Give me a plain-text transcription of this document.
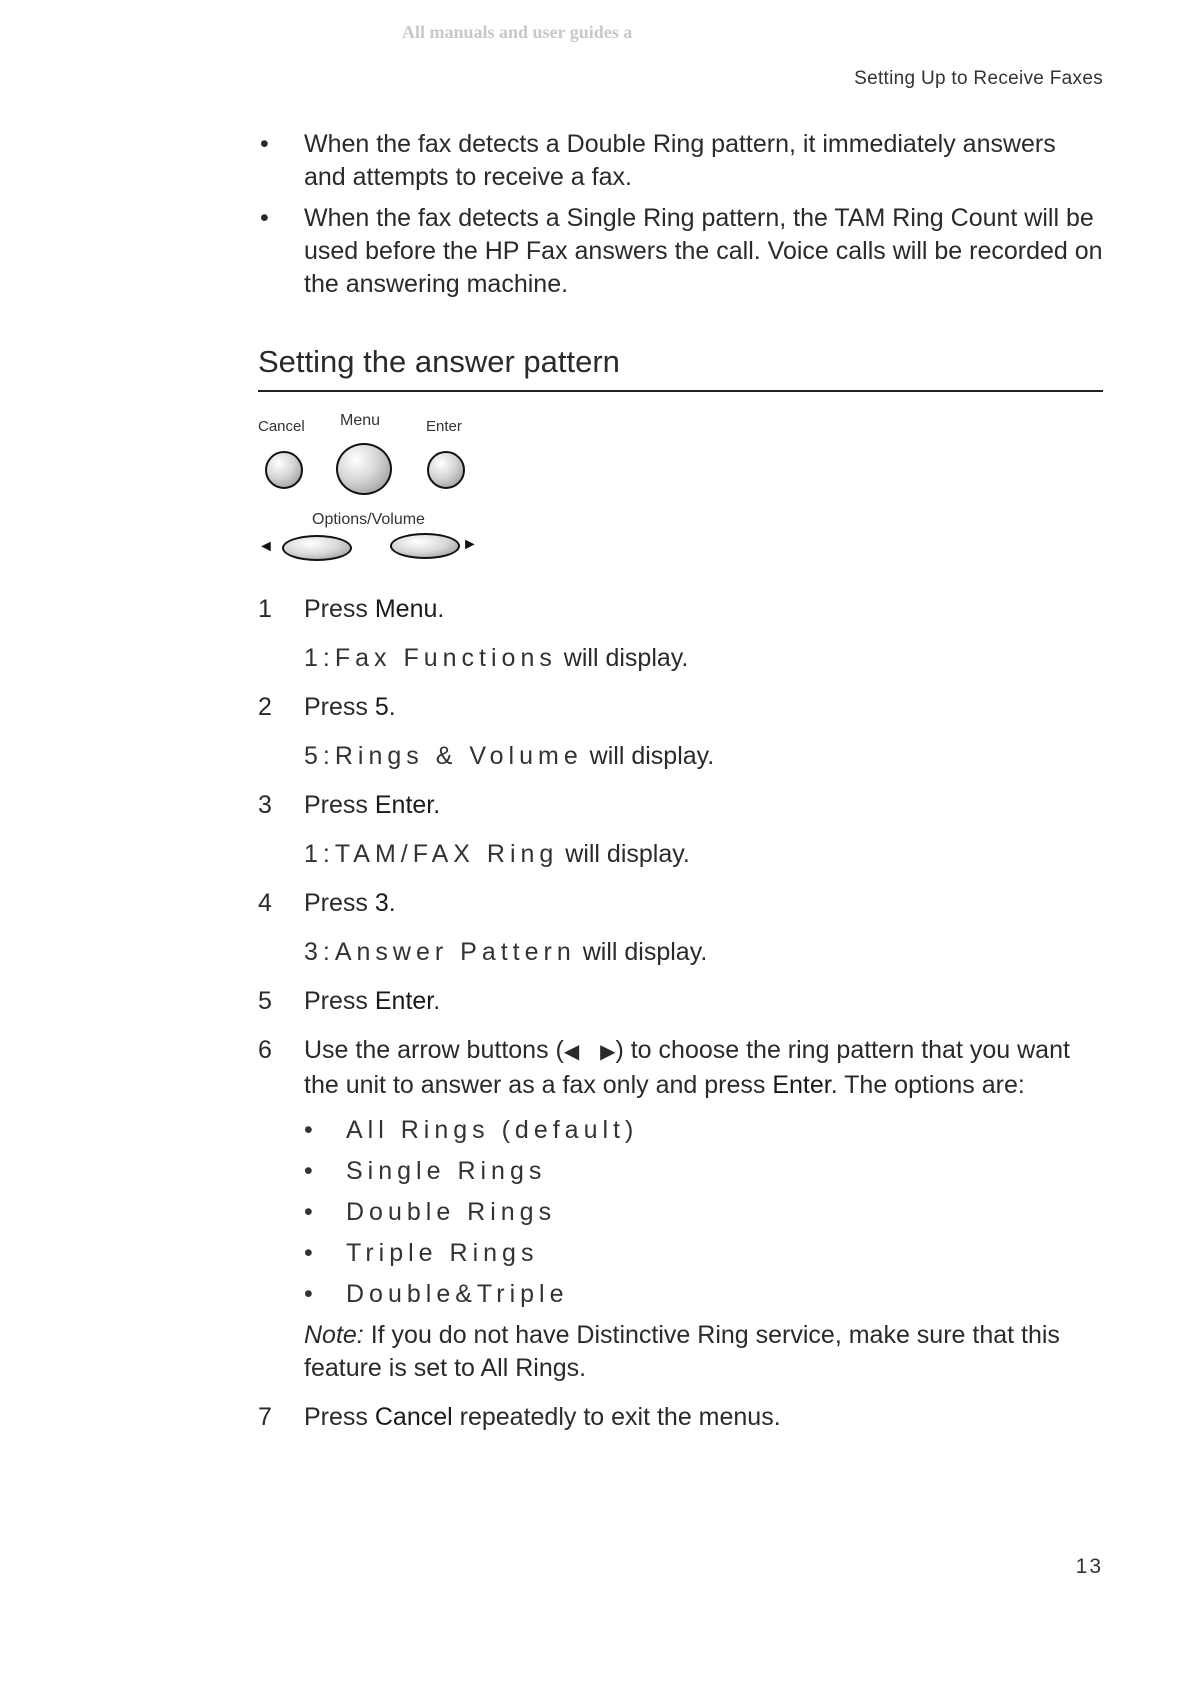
All manuals and user guides a
Setting Up to Receive Faxes
• When the fax detects a Double Ring pattern, it immediately answers and attempts to receive a fax.
• When the fax detects a Single Ring pattern, the TAM Ring Count will be used before the HP Fax answers the call. Voice calls will be recorded on the answering machine.
Setting the answer pattern
Cancel Menu	Enter
Options/Volume
◄	►
1 Press Menu.
1:Fax Functions will display.
2 Press 5.
5:Rings & Volume will display.
3 Press Enter.
1:TAM/FAX Ring will display.
4 Press 3.
3:Answer Pattern will display.
5 Press Enter.
6 Use the arrow buttons (◀ ▶) to choose the ring pattern that you want the unit to answer as a fax only and press Enter. The options are:
• All Rings (default)
• Single Rings
• Double Rings
• Triple Rings
• Double&Triple
Note: If you do not have Distinctive Ring service, make sure that this feature is set to All Rings.
7 Press Cancel repeatedly to exit the menus.
13
